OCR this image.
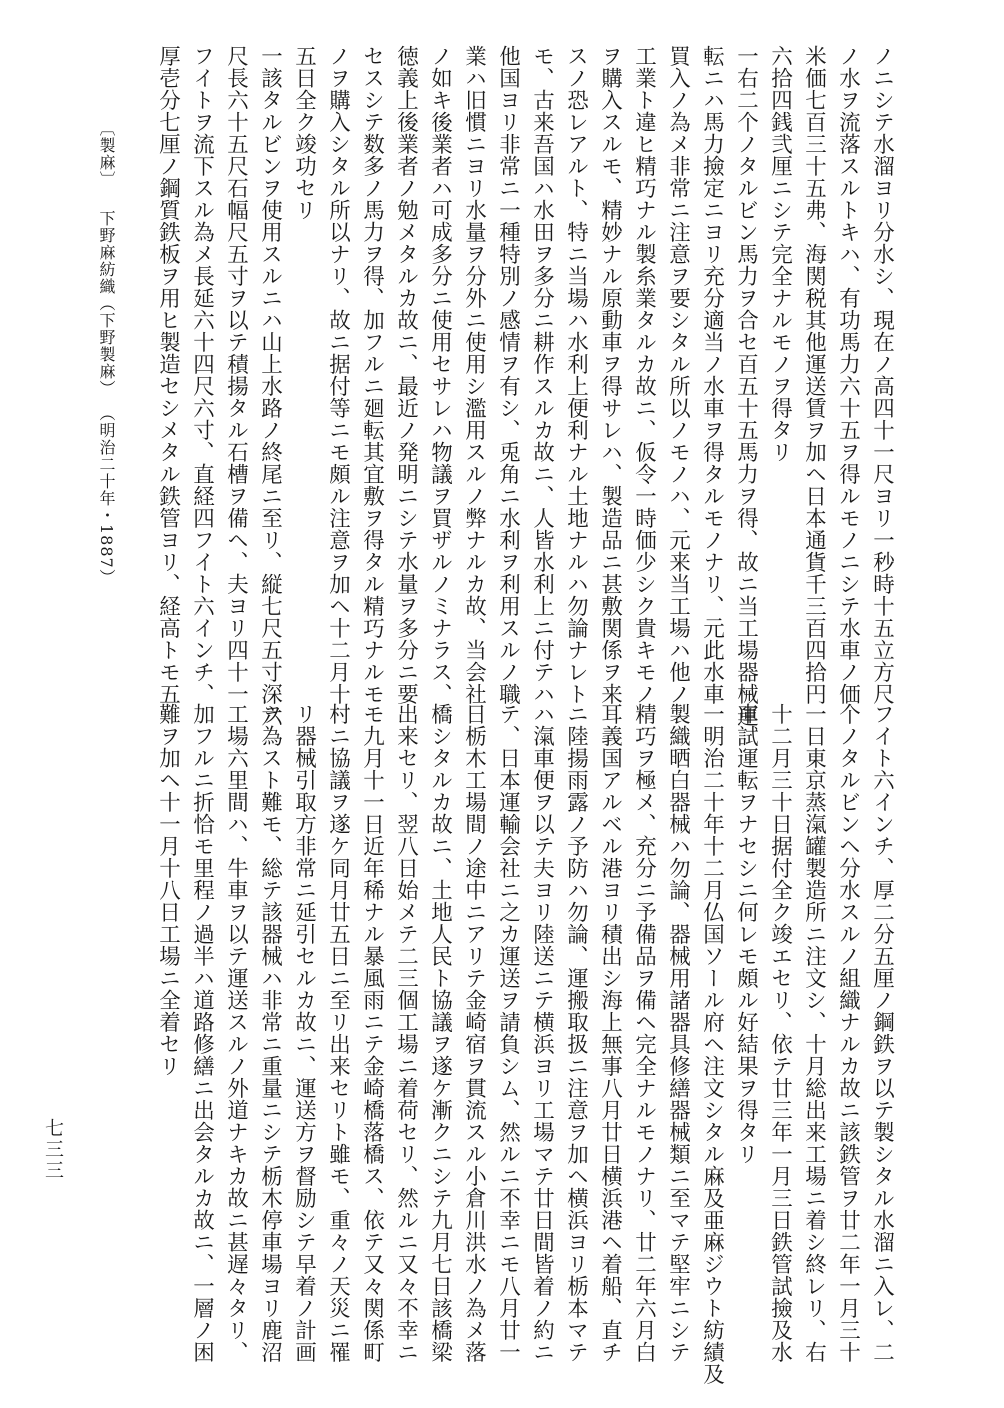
ノニシテ水溜ヨリ分水シ、現在ノ高四十一尺ヨリ一秒時十五立方尺
ノ水ヲ流落スルトキハ、有功馬力六十五ヲ得ルモノニシテ水車ノ価
米価七百三十五弗、海関税其他運送賃ヲ加ヘ日本通貨千三百四拾円
六拾四銭弐厘ニシテ完全ナルモノヲ得タリ
一右二个ノタルビン馬力ヲ合セ百五十五馬力ヲ得、故ニ当工場器械運
転ニハ馬力撿定ニヨリ充分適当ノ水車ヲ得タルモノナリ、元此水車
買入ノ為メ非常ニ注意ヲ要シタル所以ノモノハ、元来当工場ハ他ノ
工業ト違ヒ精巧ナル製糸業タルカ故ニ、仮令一時価少シク貴キモノ
ヲ購入スルモ、精妙ナル原動車ヲ得サレハ、製造品ニ甚敷関係ヲ来
スノ恐レアルト、特ニ当場ハ水利上便利ナル土地ナルハ勿論ナレト
モ、古来吾国ハ水田ヲ多分ニ耕作スルカ故ニ、人皆水利上ニ付テハ
他国ヨリ非常ニ一種特別ノ感情ヲ有シ、兎角ニ水利ヲ利用スルノ職
業ハ旧慣ニヨリ水量ヲ分外ニ使用シ濫用スルノ弊ナルカ故、当会社
ノ如キ後業者ハ可成多分ニ使用セサレハ物議ヲ買ザルノミナラス、
徳義上後業者ノ勉メタルカ故ニ、最近ノ発明ニシテ水量ヲ多分ニ要
セスシテ数多ノ馬力ヲ得、加フルニ廻転其宜敷ヲ得タル精巧ナルモ
ノヲ購入シタル所以ナリ、故ニ据付等ニモ頗ル注意ヲ加ヘ十二月十
五日全ク竣功セリ
一該タルビンヲ使用スルニハ山上水路ノ終尾ニ至リ、縦七尺五寸深六
尺長六十五尺石幅尺五寸ヲ以テ積揚タル石槽ヲ備ヘ、夫ヨリ四十一
フイトヲ流下スル為メ長延六十四尺六寸、直経四フイト六インチ、
厚壱分七厘ノ鋼質鉄板ヲ用ヒ製造セシメタル鉄管ヨリ、経高トモ五
フイト六インチ、厚二分五厘ノ鋼鉄ヲ以テ製シタル水溜ニ入レ、二
个ノタルビンヘ分水スルノ組織ナルカ故ニ該鉄管ヲ廿二年一月三十
一日東京蒸滊罐製造所ニ注文シ、十月総出来工場ニ着シ終レリ、右
十二月三十日据付全ク竣エセリ、依テ廿三年一月三日鉄管試撿及水
車試運転ヲナセシニ何レモ頗ル好結果ヲ得タリ
一明治二十年十二月仏国ソール府ヘ注文シタル麻及亜麻ジウト紡績及
製織晒白器械ハ勿論、器械用諸器具修繕器械類ニ至マテ堅牢ニシテ
精巧ヲ極メ、充分ニ予備品ヲ備ヘ完全ナルモノナリ、廿二年六月白
耳義国アルベル港ヨリ積出シ海上無事八月廿日横浜港ヘ着船、直チ
ニ陸揚雨露ノ予防ハ勿論、運搬取扱ニ注意ヲ加ヘ横浜ヨリ栃本マテ
ハ滊車便ヲ以テ夫ヨリ陸送ニテ横浜ヨリ工場マテ廿日間皆着ノ約ニ
テ、日本運輸会社ニ之カ運送ヲ請負シム、然ルニ不幸ニモ八月廿一
日栃木工場間ノ途中ニアリテ金崎宿ヲ貫流スル小倉川洪水ノ為メ落
橋シタルカ故ニ、土地人民ト協議ヲ遂ケ漸クニシテ九月七日該橋梁
出来セリ、翌八日始メテ二三個工場ニ着荷セリ、然ルニ又々不幸ニ
モ九月十一日近年稀ナル暴風雨ニテ金崎橋落橋ス、依テ又々関係町
村ニ協議ヲ遂ケ同月廿五日ニ至リ出来セリト雖モ、重々ノ天災ニ罹
リ器械引取方非常ニ延引セルカ故ニ、運送方ヲ督励シテ早着ノ計画
ヲ為スト難モ、総テ該器械ハ非常ニ重量ニシテ栃木停車場ヨリ鹿沼
工場六里間ハ、牛車ヲ以テ運送スルノ外道ナキカ故ニ甚遅々タリ、
加フルニ折恰モ里程ノ過半ハ道路修繕ニ出会タルカ故ニ、一層ノ困
難ヲ加ヘ十一月十八日工場ニ全着セリ
〔製麻〕下野麻紡織（下野製麻）（明治二十年・1887）
七三三
